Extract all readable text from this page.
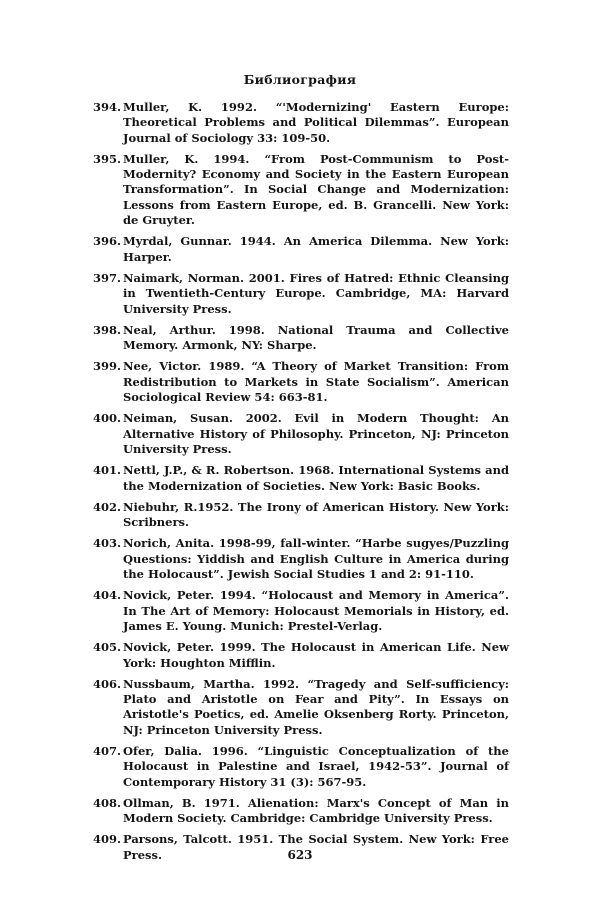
Библиография
394. Muller, K. 1992. “'Modernizing' Eastern Europe: Theoretical Problems and Political Dilemmas”. European Journal of Sociology 33: 109-50.
395. Muller, K. 1994. “From Post-Communism to Post-Modernity? Economy and Society in the Eastern European Transformation”. In Social Change and Modernization: Lessons from Eastern Europe, ed. B. Grancelli. New York: de Gruyter.
396. Myrdal, Gunnar. 1944. An America Dilemma. New York: Harper.
397. Naimark, Norman. 2001. Fires of Hatred: Ethnic Cleansing in Twentieth-Century Europe. Cambridge, MA: Harvard University Press.
398. Neal, Arthur. 1998. National Trauma and Collective Memory. Armonk, NY: Sharpe.
399. Nee, Victor. 1989. “A Theory of Market Transition: From Redistribution to Markets in State Socialism”. American Sociological Review 54: 663-81.
400. Neiman, Susan. 2002. Evil in Modern Thought: An Alternative History of Philosophy. Princeton, NJ: Princeton University Press.
401. Nettl, J.P., & R. Robertson. 1968. International Systems and the Modernization of Societies. New York: Basic Books.
402. Niebuhr, R.1952. The Irony of American History. New York: Scribners.
403. Norich, Anita. 1998-99, fall-winter. “Harbe sugyes/Puzzling Questions: Yiddish and English Culture in America during the Holocaust”. Jewish Social Studies 1 and 2: 91-110.
404. Novick, Peter. 1994. “Holocaust and Memory in America”. In The Art of Memory: Holocaust Memorials in History, ed. James E. Young. Munich: Prestel-Verlag.
405. Novick, Peter. 1999. The Holocaust in American Life. New York: Houghton Mifflin.
406. Nussbaum, Martha. 1992. “Tragedy and Self-sufficiency: Plato and Aristotle on Fear and Pity”. In Essays on Aristotle's Poetics, ed. Amelie Oksenberg Rorty. Princeton, NJ: Princeton University Press.
407. Ofer, Dalia. 1996. “Linguistic Conceptualization of the Holocaust in Palestine and Israel, 1942-53”. Journal of Contemporary History 31 (3): 567-95.
408. Ollman, B. 1971. Alienation: Marx's Concept of Man in Modern Society. Cambridge: Cambridge University Press.
409. Parsons, Talcott. 1951. The Social System. New York: Free Press.	623
